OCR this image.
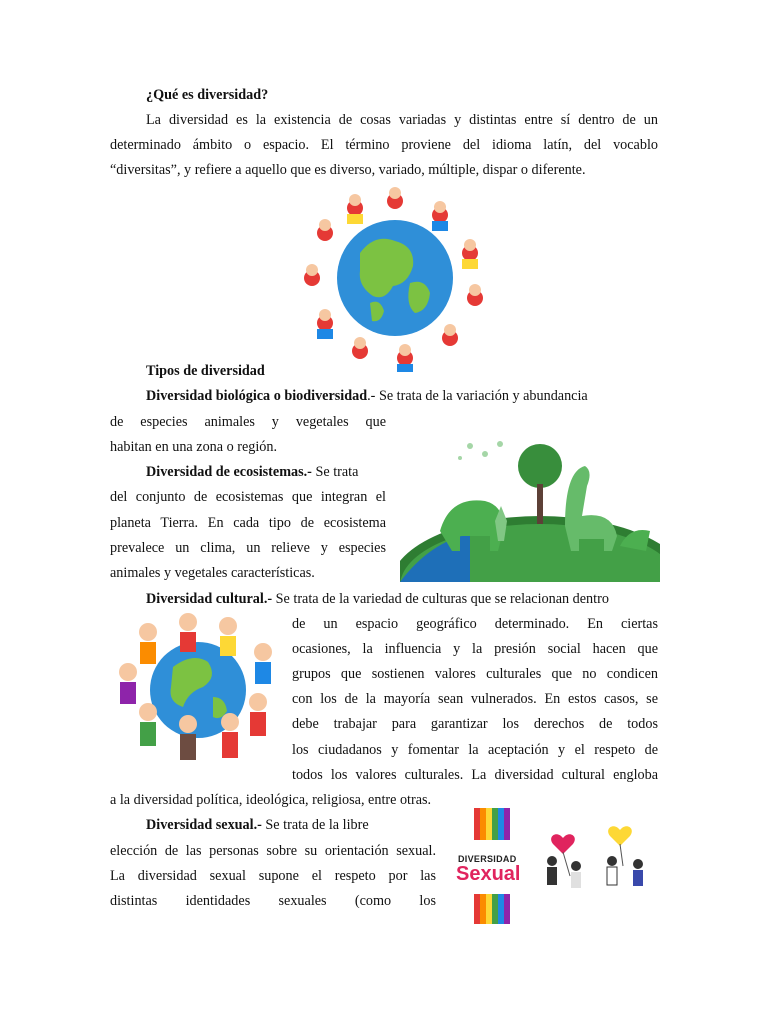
¿Qué es diversidad?
La diversidad es la existencia de cosas variadas y distintas entre sí dentro de un
determinado ámbito o espacio. El término proviene del idioma latín, del vocablo
“diversitas”, y refiere a aquello que es diverso, variado, múltiple, dispar o diferente.
Tipos de diversidad
Diversidad biológica o biodiversidad.- Se trata de la variación y abundancia
de especies animales y vegetales que
habitan en una zona o región.
Diversidad de ecosistemas.- Se trata
del conjunto de ecosistemas que integran el
planeta Tierra. En cada tipo de ecosistema
prevalece un clima, un relieve y especies
animales y vegetales características.
Diversidad cultural.- Se trata de la variedad de culturas que se relacionan dentro
de un espacio geográfico determinado. En ciertas
ocasiones, la influencia y la presión social hacen que
grupos que sostienen valores culturales que no condicen
con los de la mayoría sean vulnerados. En estos casos, se
debe trabajar para garantizar los derechos de todos
los ciudadanos y fomentar la aceptación y el respeto de
todos los valores culturales. La diversidad cultural engloba
a la diversidad política, ideológica, religiosa, entre otras.
Diversidad sexual.- Se trata de la libre
elección de las personas sobre su orientación sexual.
La diversidad sexual supone el respeto por las
distintas identidades sexuales (como los
DIVERSIDAD
Sexual
